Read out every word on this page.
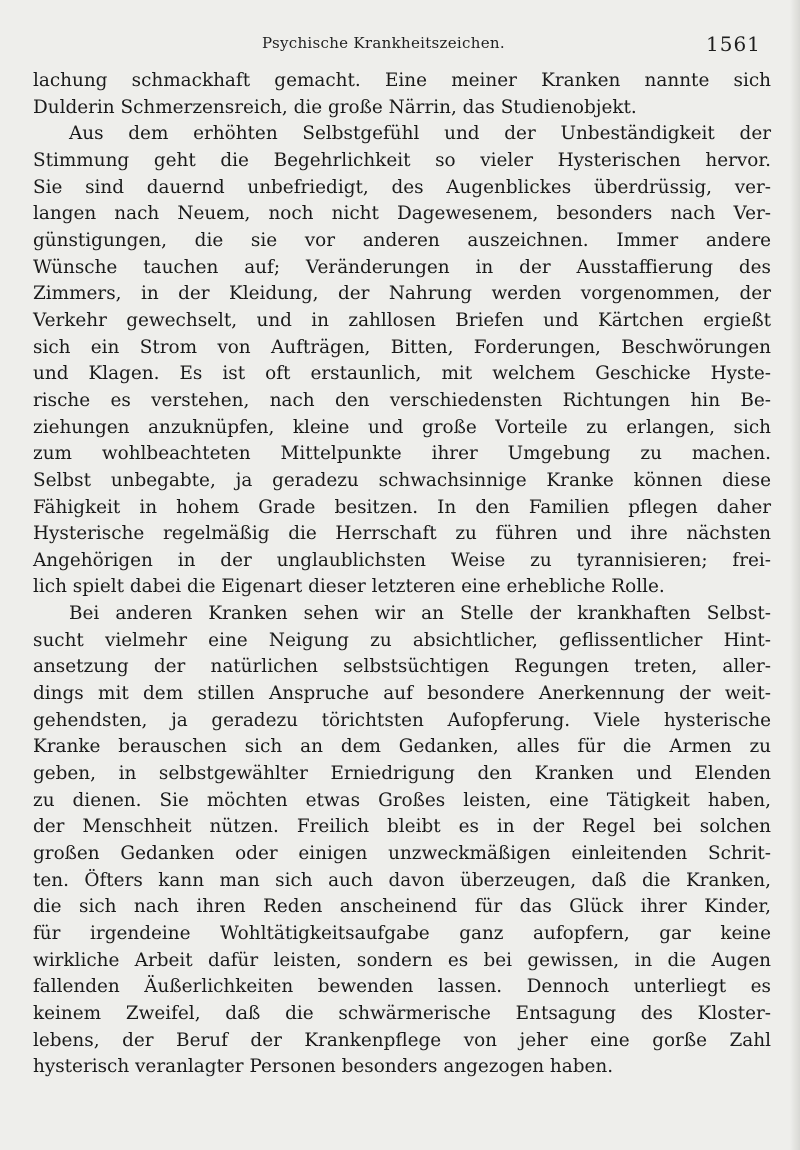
Psychische Krankheitszeichen.	1561
lachung schmackhaft gemacht. Eine meiner Kranken nannte sich
Dulderin Schmerzensreich, die große Närrin, das Studienobjekt.
Aus dem erhöhten Selbstgefühl und der Unbeständigkeit der
Stimmung geht die Begehrlichkeit so vieler Hysterischen hervor.
Sie sind dauernd unbefriedigt, des Augenblickes überdrüssig, ver-
langen nach Neuem, noch nicht Dagewesenem, besonders nach Ver-
günstigungen, die sie vor anderen auszeichnen. Immer andere
Wünsche tauchen auf; Veränderungen in der Ausstaffierung des
Zimmers, in der Kleidung, der Nahrung werden vorgenommen, der
Verkehr gewechselt, und in zahllosen Briefen und Kärtchen ergießt
sich ein Strom von Aufträgen, Bitten, Forderungen, Beschwörungen
und Klagen. Es ist oft erstaunlich, mit welchem Geschicke Hyste-
rische es verstehen, nach den verschiedensten Richtungen hin Be-
ziehungen anzuknüpfen, kleine und große Vorteile zu erlangen, sich
zum wohlbeachteten Mittelpunkte ihrer Umgebung zu machen.
Selbst unbegabte, ja geradezu schwachsinnige Kranke können diese
Fähigkeit in hohem Grade besitzen. In den Familien pflegen daher
Hysterische regelmäßig die Herrschaft zu führen und ihre nächsten
Angehörigen in der unglaublichsten Weise zu tyrannisieren; frei-
lich spielt dabei die Eigenart dieser letzteren eine erhebliche Rolle.
Bei anderen Kranken sehen wir an Stelle der krankhaften Selbst-
sucht vielmehr eine Neigung zu absichtlicher, geflissentlicher Hint-
ansetzung der natürlichen selbstsüchtigen Regungen treten, aller-
dings mit dem stillen Anspruche auf besondere Anerkennung der weit-
gehendsten, ja geradezu törichtsten Aufopferung. Viele hysterische
Kranke berauschen sich an dem Gedanken, alles für die Armen zu
geben, in selbstgewählter Erniedrigung den Kranken und Elenden
zu dienen. Sie möchten etwas Großes leisten, eine Tätigkeit haben,
der Menschheit nützen. Freilich bleibt es in der Regel bei solchen
großen Gedanken oder einigen unzweckmäßigen einleitenden Schrit-
ten. Öfters kann man sich auch davon überzeugen, daß die Kranken,
die sich nach ihren Reden anscheinend für das Glück ihrer Kinder,
für irgendeine Wohltätigkeitsaufgabe ganz aufopfern, gar keine
wirkliche Arbeit dafür leisten, sondern es bei gewissen, in die Augen
fallenden Äußerlichkeiten bewenden lassen. Dennoch unterliegt es
keinem Zweifel, daß die schwärmerische Entsagung des Kloster-
lebens, der Beruf der Krankenpflege von jeher eine gorße Zahl
hysterisch veranlagter Personen besonders angezogen haben.
